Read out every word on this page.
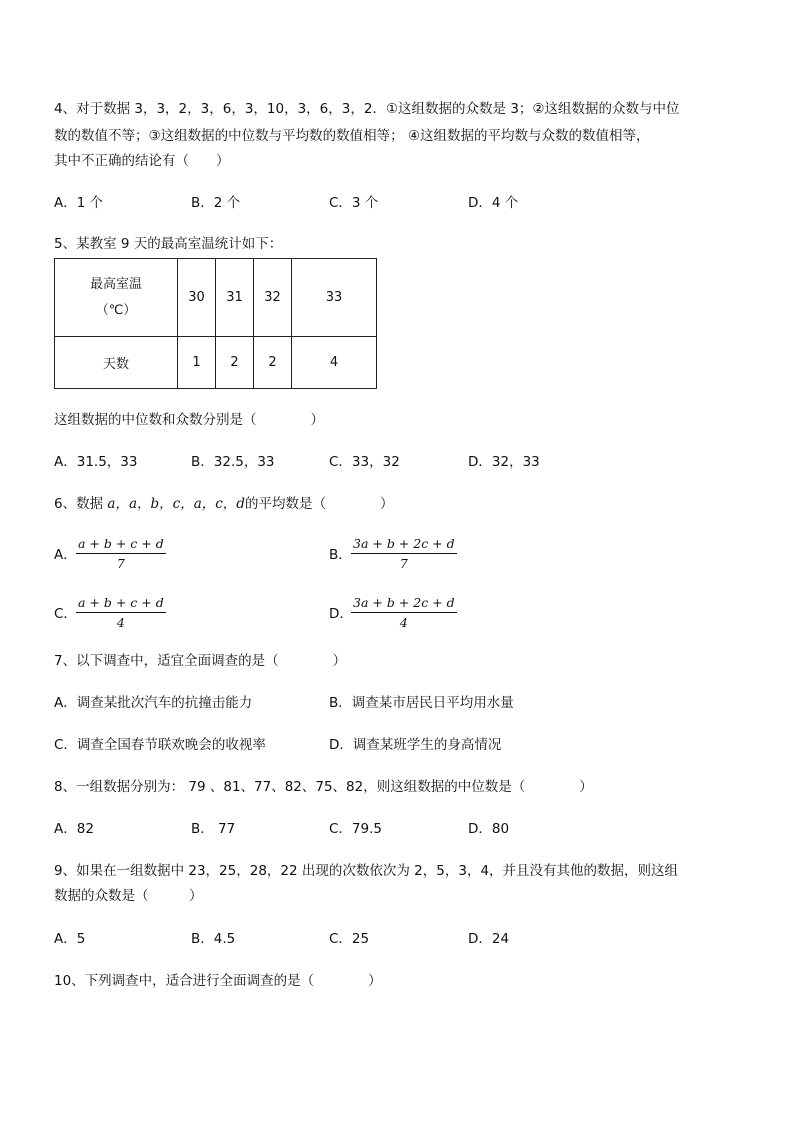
4、对于数据 3，3，2，3，6，3，10，3，6，3，2．①这组数据的众数是 3；②这组数据的众数与中位
数的数值不等；③这组数据的中位数与平均数的数值相等； ④这组数据的平均数与众数的数值相等，
其中不正确的结论有（　　）
A．1 个	B．2 个	C．3 个	D．4 个
5、某教室 9 天的最高室温统计如下：
最高室温
（℃）	30	31	32	33
天数	1	2	2	4
这组数据的中位数和众数分别是（　　　　）
A．31.5，33	B．32.5，33	C．33，32	D．32，33
6、数据 a，a，b，c，a，c，d的平均数是（　　　　）
A． $\frac{a + b + c + d}{7}$	B． $\frac{3a + b + 2c + d}{7}$
C． $\frac{a + b + c + d}{4}$	D．
$\frac{3a + b + 2c + d}{4}$
7、以下调查中，适宜全面调查的是（　　　　）
A．调查某批次汽车的抗撞击能力	B．调查某市居民日平均用水量
C．调查全国春节联欢晚会的收视率	D．调查某班学生的身高情况
8、一组数据分别为： 79 、81、77、82、75、82，则这组数据的中位数是（　　　　）
A．82	B． 77	C．79.5	D．80
9、如果在一组数据中 23，25，28，22 出现的次数依次为 2，5，3，4，并且没有其他的数据，则这组
数据的众数是（　　　）
A．5	B．4.5	C．25	D．24
10、下列调查中，适合进行全面调查的是（　　　　）
